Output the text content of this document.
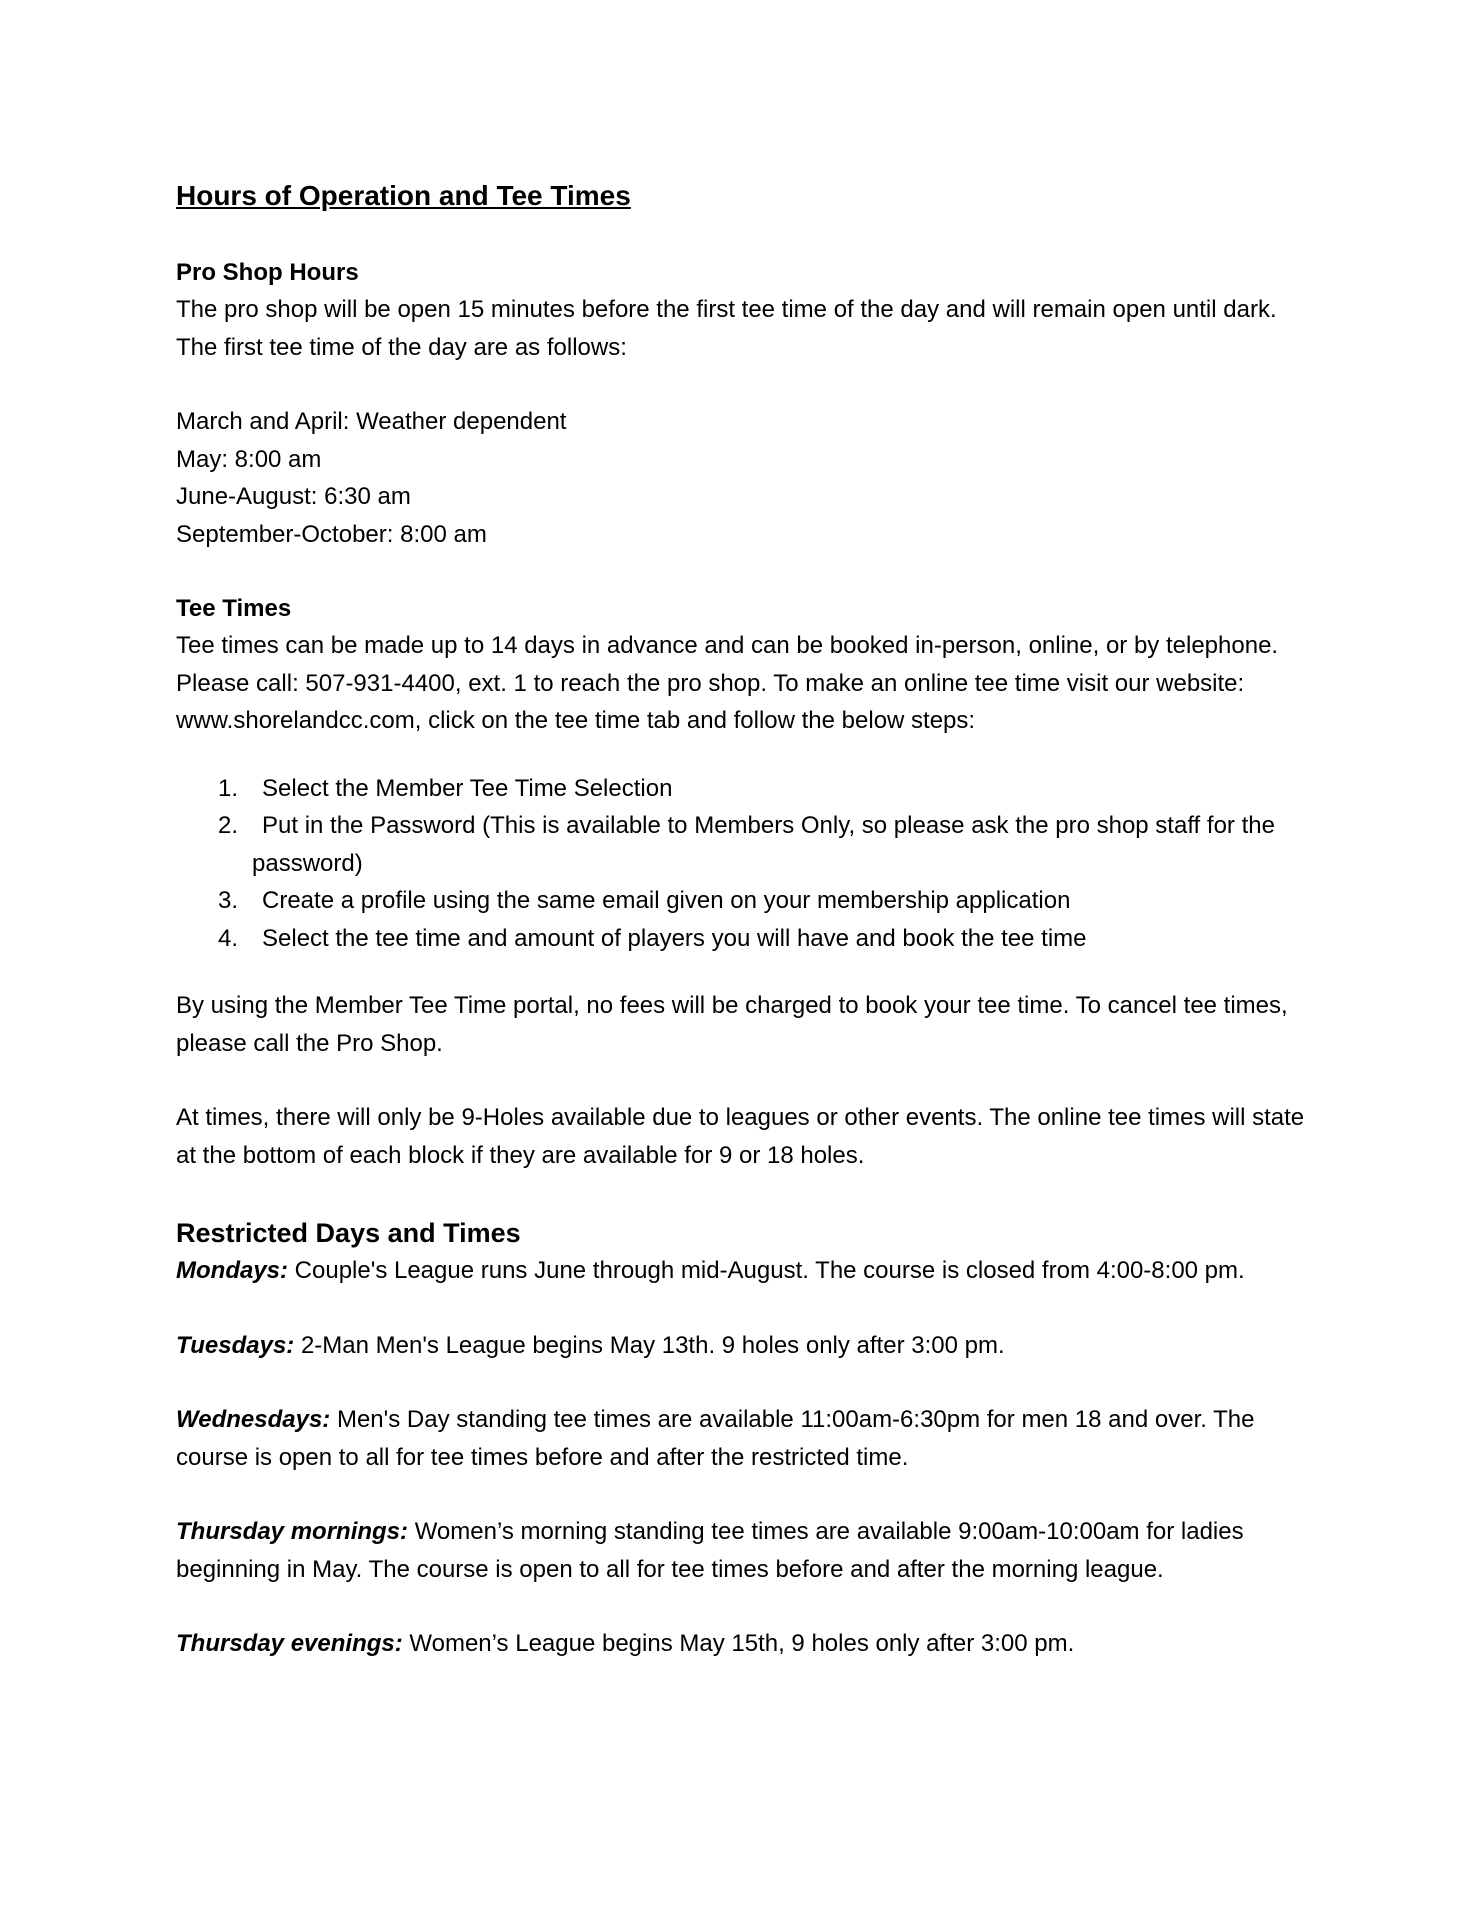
Hours of Operation and Tee Times
Pro Shop Hours

The pro shop will be open 15 minutes before the first tee time of the day and will remain open until dark. The first tee time of the day are as follows:

March and April: Weather dependent

May: 8:00 am

June-August: 6:30 am

September-October: 8:00 am

Tee Times

Tee times can be made up to 14 days in advance and can be booked in-person, online, or by telephone. Please call: 507-931-4400, ext. 1 to reach the pro shop. To make an online tee time visit our website: www.shorelandcc.com, click on the tee time tab and follow the below steps:

1. Select the Member Tee Time Selection
2. Put in the Password (This is available to Members Only, so please ask the pro shop staff for the
password)
3. Create a profile using the same email given on your membership application
4. Select the tee time and amount of players you will have and book the tee time

By using the Member Tee Time portal, no fees will be charged to book your tee time. To cancel tee times, please call the Pro Shop.

At times, there will only be 9-Holes available due to leagues or other events. The online tee times will state at the bottom of each block if they are available for 9 or 18 holes.

Restricted Days and Times

Mondays: Couple's League runs June through mid-August. The course is closed from 4:00-8:00 pm.

Tuesdays: 2-Man Men's League begins May 13th. 9 holes only after 3:00 pm.

Wednesdays: Men's Day standing tee times are available 11:00am-6:30pm for men 18 and over. The course is open to all for tee times before and after the restricted time.

Thursday mornings: Women’s morning standing tee times are available 9:00am-10:00am for ladies beginning in May. The course is open to all for tee times before and after the morning league.

Thursday evenings: Women’s League begins May 15th, 9 holes only after 3:00 pm.
